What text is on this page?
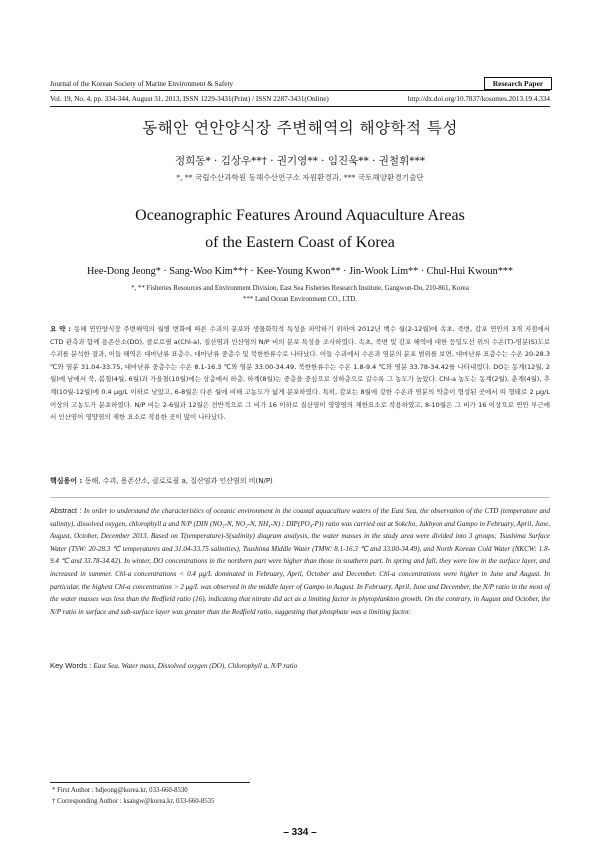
Journal of the Korean Society of Marine Environment & Safety	Research Paper
Vol. 19, No. 4, pp. 334-344, August 31, 2013, ISSN 1229-3431(Print) / ISSN 2287-3431(Online)	http://dx.doi.org/10.7837/kosomes.2013.19.4.334
동해안 연안양식장 주변해역의 해양학적 특성
정희동* · 김상우**† · 권기영** · 임진욱** · 권철휘***
*, ** 국립수산과학원 동해수산연구소 자원환경과, *** 국토해양환경기술단
Oceanographic Features Around Aquaculture Areas
of the Eastern Coast of Korea
Hee-Dong Jeong* · Sang-Woo Kim**† · Kee-Young Kwon** · Jin-Wook Lim** · Chul-Hui Kwoun***
*, ** Fisheries Resources and Environment Division, East Sea Fisheries Research Institute, Gangwon-Do, 210-861, Korea
*** Land Ocean Environment CO., LTD.
요 약 : 동해 연안양식장 주변해역의 월별 변화에 따른 수괴의 분포와 생물화학적 특성을 파악하기 위하여 2012년 백수 월(2-12월)에 속초, 죽변, 감포 연안의 3개 지점에서 CTD 관측과 함께 용존산소(DO), 클로로필 a(Chl-a), 질산염과 인산염의 N/P 비의 분포 특성을 조사하였다. 속초, 죽변 및 감포 해역에 대한 등밀도선 위의 수온(T)-염분(S)도로 수괴를 분석한 결과, 이들 해역은 대마난류 표층수, 대마난류 중층수 및 북한한류수로 나타났다. 이들 수괴에서 수온과 염분의 분포 범위를 보면, 대마난류 표층수는 수온 20-28.3 ℃와 염분 31.04-33.75, 대마난류 중층수는 수온 8.1-16.3 ℃와 염분 33.00-34.49, 북한한류수는 수온 1.8-9.4 ℃와 염분 33.78-34.42를 나타내었다. DO는 동계(12월, 2월)에 남에서 북, 봄철(4월, 6월)과 가을철(10월)에는 상층에서 하층, 하계(8월)는 중층을 중심으로 상하층으로 갈수록 그 농도가 높았다. Chl-a 농도는 동계(2월), 춘계(4월), 추계(10월-12월)에 0.4 μg/L 이하로 낮았고, 6-8월은 다른 월에 비해 고농도가 넓게 분포하였다. 특히, 감포는 8월에 강한 수온과 염분의 약층이 형성된 곳에서 띠 형태로 2 μg/L 이상의 고농도가 분포하였다. N/P 비는 2-6월과 12월은 전반적으로 그 비가 16 이하로 질산염이 영양염의 제한요소로 작용하였고, 8-10월은 그 비가 16 이상으로 연안 부근에서 인산염이 영양염의 제한 요소로 작용한 곳이 많이 나타났다.
핵심용어 : 동해, 수괴, 용존산소, 클로로필 a, 질산염과 인산염의 비(N/P)
Abstract : In order to understand the characteristics of oceanic environment in the coastal aquaculture waters of the East Sea, the observation of the CTD (temperature and salinity), dissolved oxygen, chlorophyll a and N/P (DIN (NO₃-N, NO₂-N, NH₄-N) : DIP(PO₄-P)) ratio was carried out at Sokcho, Jukbyon and Gampo in February, April, June, August, October, December 2013. Based on T(temperature)-S(salinity) diagram analysis, the water masses in the study area were divided into 3 groups; Tsushima Surface Water (TSW: 20-28.3 ℃ temperatures and 31.04-33.75 salinities), Tsushima Middle Water (TMW: 8.1-16.3 ℃ and 33.00-34.49), and North Korean Cold Water (NKCW: 1.8-9.4 ℃ and 33.78-34.42). In winter, DO concentrations in the northern part were higher than those in southern part. In spring and fall, they were low in the surface layer, and increased in summer. Chl-a concentrations < 0.4 μg/L dominated in February, April, October and December. Chl-a concentrations were higher in June and August. In particular, the highest Chl-a concentration > 2 μg/L was observed in the middle layer of Gampo in August. In February, April, June and December, the N/P ratio in the most of the water masses was less than the Redfield ratio (16), indicating that nitrate did act as a limiting factor in phytoplankton growth. On the contrary, in August and October, the N/P ratio in surface and sub-surface layer was greater than the Redfield ratio, suggesting that phosphate was a limiting factor.
Key Words : East Sea, Water mass, Dissolved oxygen (DO), Chlorophyll a, N/P ratio
* First Author : hdjeong@korea.kr, 033-660-8530
† Corresponding Author : ksangw@korea.kr, 033-660-8535
– 334 –
